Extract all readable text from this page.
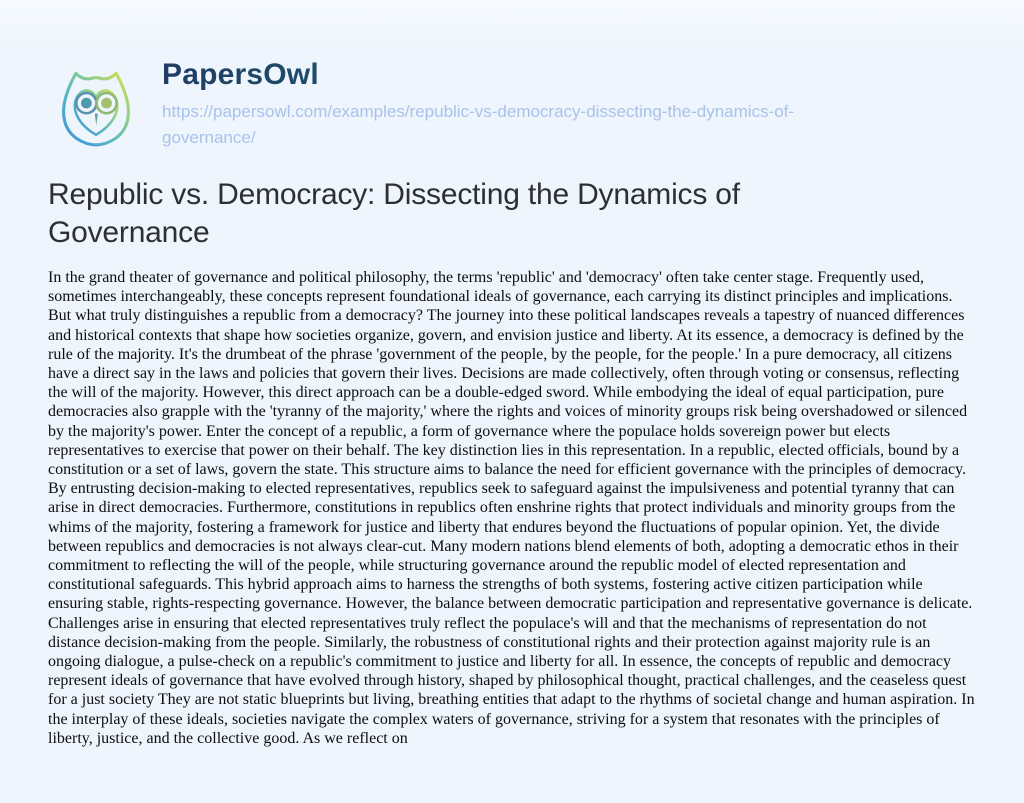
PapersOwl
https://papersowl.com/examples/republic-vs-democracy-dissecting-the-dynamics-of-governance/
Republic vs. Democracy: Dissecting the Dynamics of Governance

In the grand theater of governance and political philosophy, the terms 'republic' and 'democracy' often take center stage. Frequently used, sometimes interchangeably, these concepts represent foundational ideals of governance, each carrying its distinct principles and implications. But what truly distinguishes a republic from a democracy? The journey into these political landscapes reveals a tapestry of nuanced differences and historical contexts that shape how societies organize, govern, and envision justice and liberty. At its essence, a democracy is defined by the rule of the majority. It's the drumbeat of the phrase 'government of the people, by the people, for the people.' In a pure democracy, all citizens have a direct say in the laws and policies that govern their lives. Decisions are made collectively, often through voting or consensus, reflecting the will of the majority. However, this direct approach can be a double-edged sword. While embodying the ideal of equal participation, pure democracies also grapple with the 'tyranny of the majority,' where the rights and voices of minority groups risk being overshadowed or silenced by the majority's power. Enter the concept of a republic, a form of governance where the populace holds sovereign power but elects representatives to exercise that power on their behalf. The key distinction lies in this representation. In a republic, elected officials, bound by a constitution or a set of laws, govern the state. This structure aims to balance the need for efficient governance with the principles of democracy. By entrusting decision-making to elected representatives, republics seek to safeguard against the impulsiveness and potential tyranny that can arise in direct democracies. Furthermore, constitutions in republics often enshrine rights that protect individuals and minority groups from the whims of the majority, fostering a framework for justice and liberty that endures beyond the fluctuations of popular opinion. Yet, the divide between republics and democracies is not always clear-cut. Many modern nations blend elements of both, adopting a democratic ethos in their commitment to reflecting the will of the people, while structuring governance around the republic model of elected representation and constitutional safeguards. This hybrid approach aims to harness the strengths of both systems, fostering active citizen participation while ensuring stable, rights-respecting governance. However, the balance between democratic participation and representative governance is delicate. Challenges arise in ensuring that elected representatives truly reflect the populace's will and that the mechanisms of representation do not distance decision-making from the people. Similarly, the robustness of constitutional rights and their protection against majority rule is an ongoing dialogue, a pulse-check on a republic's commitment to justice and liberty for all. In essence, the concepts of republic and democracy represent ideals of governance that have evolved through history, shaped by philosophical thought, practical challenges, and the ceaseless quest for a just society They are not static blueprints but living, breathing entities that adapt to the rhythms of societal change and human aspiration. In the interplay of these ideals, societies navigate the complex waters of governance, striving for a system that resonates with the principles of liberty, justice, and the collective good. As we reflect on
